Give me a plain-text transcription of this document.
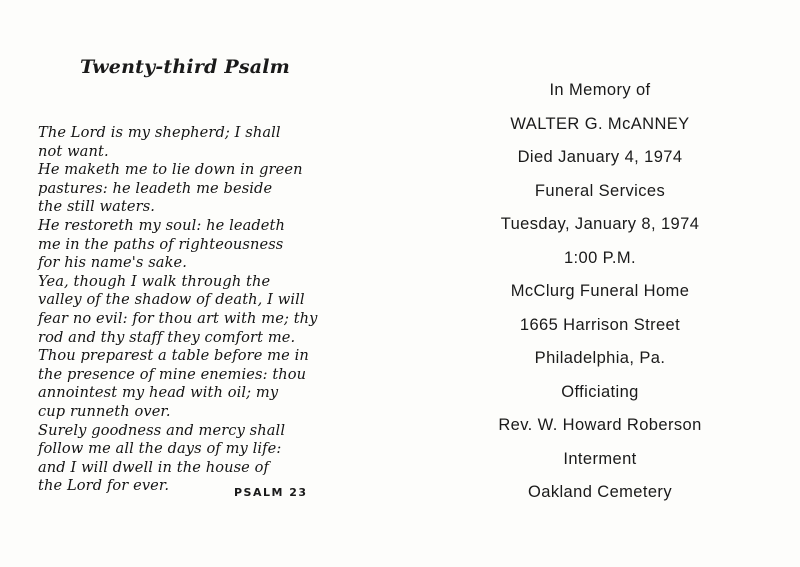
Twenty-third Psalm
The Lord is my shepherd; I shall
not want.
He maketh me to lie down in green
pastures: he leadeth me beside
the still waters.
He restoreth my soul: he leadeth
me in the paths of righteousness
for his name's sake.
Yea, though I walk through the
valley of the shadow of death, I will
fear no evil: for thou art with me; thy
rod and thy staff they comfort me.
Thou preparest a table before me in
the presence of mine enemies: thou
annointest my head with oil; my
cup runneth over.
Surely goodness and mercy shall
follow me all the days of my life:
and I will dwell in the house of
the Lord for ever.	PSALM 23
In Memory of
WALTER G. McANNEY
Died January 4, 1974
Funeral Services
Tuesday, January 8, 1974
1:00 P.M.
McClurg Funeral Home
1665 Harrison Street
Philadelphia, Pa.
Officiating
Rev. W. Howard Roberson
Interment
Oakland Cemetery
